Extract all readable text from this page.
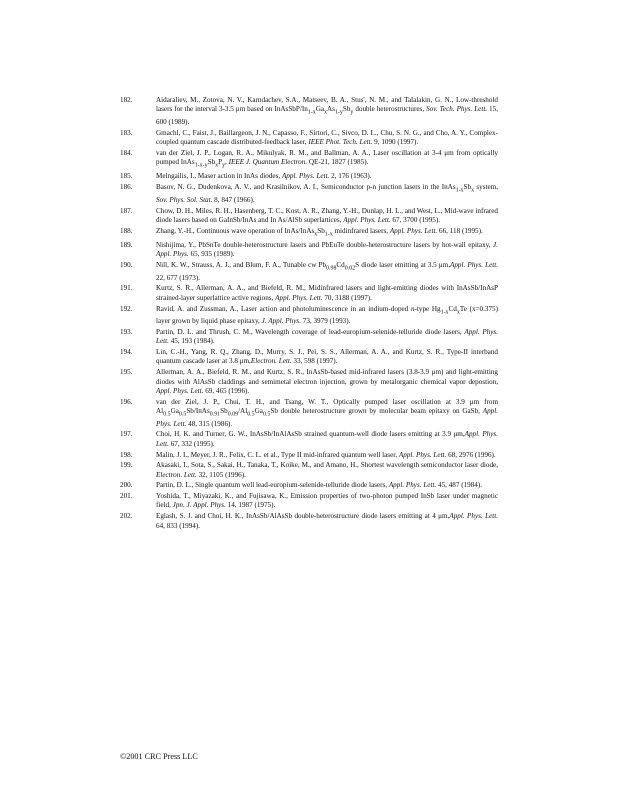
182.	Aidaraliev, M., Zotova, N. V., Karndachev, S.A., Matseev, B. A., Stus', N. M., and Talalakin, G. N., Low-threshold lasers for the interval 3-3.5 μm based on InAsSbP/$In_{1-x}Ga_xAs_{1-y}Sb_y$ double heterostructures, Sov. Tech. Phys. Lett. 15, 600 (1989).
183.	Gmachl, C., Faist, J., Baillargeon, J. N., Capasso, F., Sirtori, C., Sivco, D. L., Chu, S. N. G., and Cho, A. Y., Complex-coupled quantum cascade distributed-feedback laser, IEEE Phot. Tech. Lett. 9, 1090 (1997).
184.	van der Ziel, J. P., Logan, R. A., Mikulyak, R. M., and Ballman, A. A., Laser oscillation at 3-4 μm from optically pumped $InAs_{1-x-y}Sb_xP_y$, IEEE J. Quantum Electron. QE-21, 1827 (1985).
185.	Melngailis, I., Maser action in InAs diodes, Appl. Phys. Lett. 2, 176 (1963).
186.	Basov, N. G., Dudenkova, A. V., and Krasilnikov, A. I., Semiconductor p-n junction lasers in the $InAs_{1-x}Sb_x$ system, Sov. Phys. Sol. Stat. 8, 847 (1966).
187.	Chow, D. H., Miles, R. H., Hasenberg, T. C., Kost, A. R., Zhang, Y.-H., Dunlap, H. L., and West, L., Mid-wave infrared diode lasers based on GaInSb/InAs and In As/AlSb superlattices, Appl. Phys. Lett. 67, 3700 (1995).
188.	Zhang, Y.-H., Continuous wave operation of InAs/$InAs_xSb_{1-x}$ midinfrared lasers, Appl. Phys. Lett. 66, 118 (1995).
189.	Nishijima, Y., PbSnTe double-heterostructure lasers and PbEuTe double-heterostructure lasers by hot-wall epitaxy, J. Appl. Phys. 65, 935 (1989).
190.	Nill, K. W., Strauss, A. J., and Blum, F. A., Tunable cw $Pb_{0.98}Cd_{0.02}S$ diode laser emitting at 3.5 μm,Appl. Phys. Lett. 22, 677 (1973).
191.	Kurtz, S. R., Allerman, A. A., and Biefeld, R. M., Midinfrared lasers and light-emitting diodes with InAsSb/InAsP strained-layer superlattice active regions, Appl. Phys. Lett. 70, 3188 (1997).
192.	Ravid, A. and Zussman, A., Laser action and photoluminescence in an indium-doped n-type $Hg_{1-x}Cd_xTe$ (x=0.375) layer grown by liquid phase epitaxy, J. Appl. Phys. 73, 3979 (1993).
193.	Partin, D. L. and Thrush, C. M., Wavelength coverage of lead-europium-selenide-telluride diode lasers, Appl. Phys. Lett. 45, 193 (1984).
194.	Lin, C.-H., Yang, R. Q., Zhang, D., Murry, S. J., Pei, S. S., Allerman, A. A., and Kurtz, S. R., Type-II interband quantum cascade laser at 3.8 μm,Electron. Lett. 33, 598 (1997).
195.	Allerman, A. A., Biefeld, R. M., and Kurtz, S. R., InAsSb-based mid-infrared lasers (3.8-3.9 μm) and light-emitting diodes with AlAsSb claddings and semimetal electron injection, grown by metalorganic chemical vapor depostion, Appl. Phys. Lett. 69, 465 (1996).
196.	van der Ziel, J. P., Chui, T. H., and Tsang, W. T., Optically pumped laser oscillation at 3.9 μm from $Al_{0.5}Ga_{0.5}Sb/InAs_{0.91}Sb_{0.09}/Al_{0.5}Ga_{0.5}Sb$ double heterostructure grown by molecular beam epitaxy on GaSb, Appl. Phys. Lett. 48, 315 (1986).
197.	Choi, H. K. and Turner, G. W., InAsSb/InAlAsSb strained quantum-well diode lasers emitting at 3.9 μm,Appl. Phys. Lett. 67, 332 (1995).
198.	Malin, J. I., Meyer, J. R., Felix, C. L. et al., Type II mid-infrared quantum well laser, Appl. Phys. Lett. 68, 2976 (1996).
199.	Akasaki, I., Sota, S., Sakai, H., Tanaka, T., Koike, M., and Amano, H., Shortest wavelength semiconductor laser diode, Electron. Lett. 32, 1105 (1996).
200.	Partin, D. L., Single quantum well lead-europium-selenide-telluride diode lasers, Appl. Phys. Lett. 45, 487 (1984).
201.	Yoshida, T., Miyazaki, K., and Fujisawa, K., Emission properties of two-photon pumped InSb laser under magnetic field, Jpn. J. Appl. Phys. 14, 1987 (1975).
202.	Eglash, S. J. and Choi, H. K., InAsSb/AlAsSb double-heterostructure diode lasers emitting at 4 μm,Appl. Phys. Lett. 64, 833 (1994).
©2001 CRC Press LLC
